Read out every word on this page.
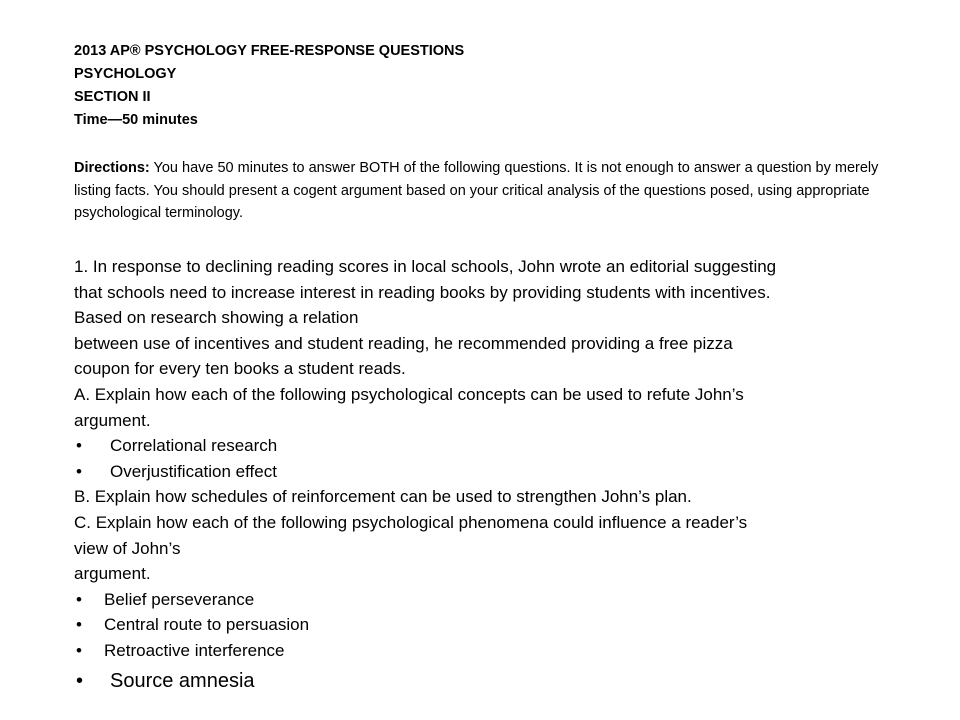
2013 AP® PSYCHOLOGY FREE-RESPONSE QUESTIONS
PSYCHOLOGY
SECTION II
Time—50 minutes
Directions: You have 50 minutes to answer BOTH of the following questions. It is not enough to answer a question by merely listing facts. You should present a cogent argument based on your critical analysis of the questions posed, using appropriate psychological terminology.
1. In response to declining reading scores in local schools, John wrote an editorial suggesting
that schools need to increase interest in reading books by providing students with incentives.
Based on research showing a relation
between use of incentives and student reading, he recommended providing a free pizza
coupon for every ten books a student reads.
A. Explain how each of the following psychological concepts can be used to refute John’s
argument.
• Correlational research
• Overjustification effect
B. Explain how schedules of reinforcement can be used to strengthen John’s plan.
C. Explain how each of the following psychological phenomena could influence a reader’s
view of John’s
argument.
• Belief perseverance
• Central route to persuasion
• Retroactive interference
• Source amnesia
